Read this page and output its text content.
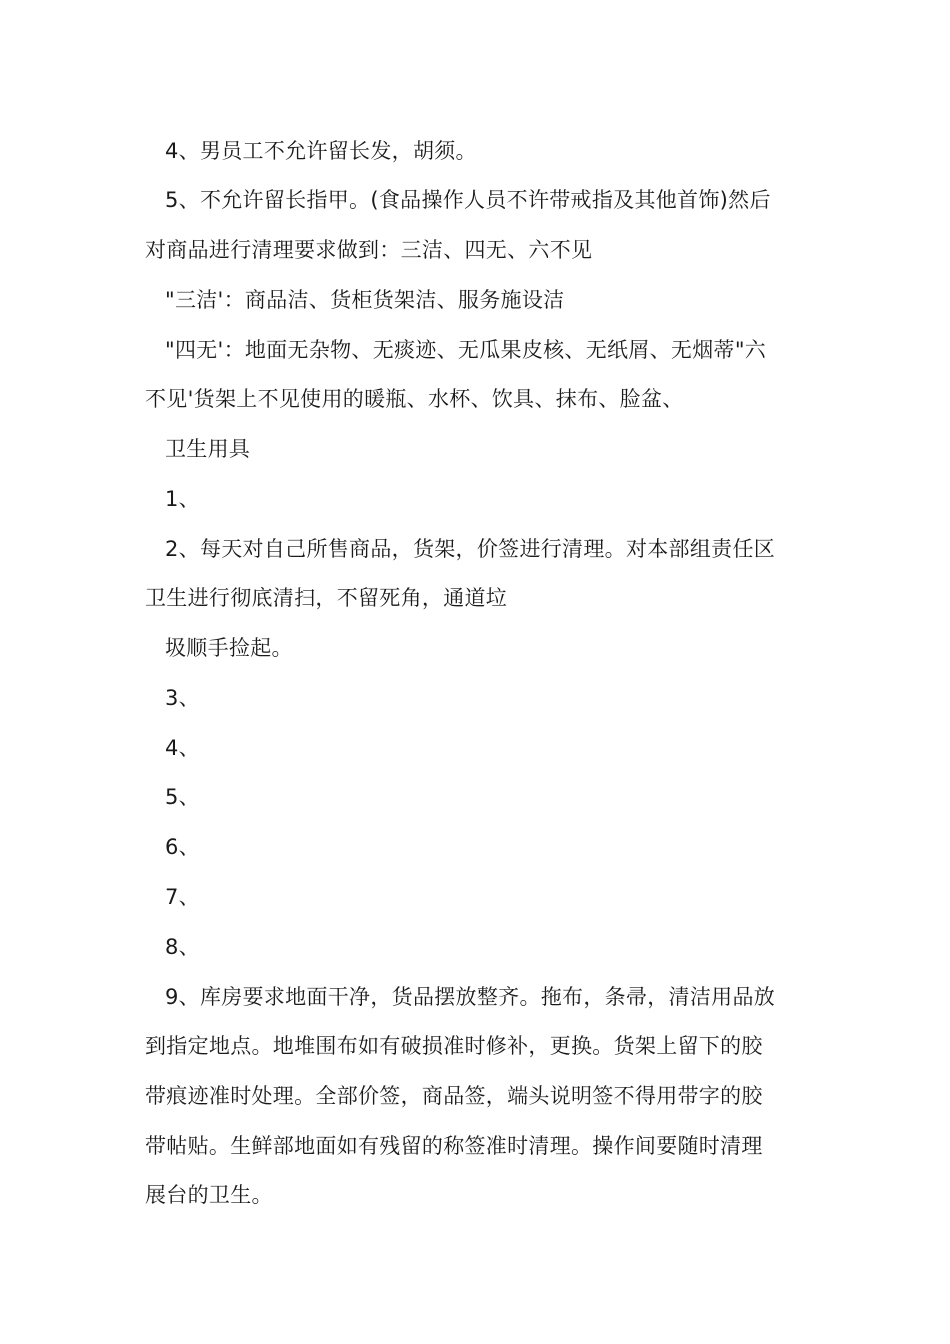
4、男员工不允许留长发，胡须。
5、不允许留长指甲。(食品操作人员不许带戒指及其他首饰)然后
对商品进行清理要求做到：三洁、四无、六不见
"三洁'：商品洁、货柜货架洁、服务施设洁
"四无'：地面无杂物、无痰迹、无瓜果皮核、无纸屑、无烟蒂"六
不见'货架上不见使用的暖瓶、水杯、饮具、抹布、脸盆、
卫生用具
1、
2、每天对自己所售商品，货架，价签进行清理。对本部组责任区
卫生进行彻底清扫，不留死角，通道垃
圾顺手捡起。
3、
4、
5、
6、
7、
8、
9、库房要求地面干净，货品摆放整齐。拖布，条帚，清洁用品放
到指定地点。地堆围布如有破损准时修补，更换。货架上留下的胶
带痕迹准时处理。全部价签，商品签，端头说明签不得用带字的胶
带帖贴。生鲜部地面如有残留的称签准时清理。操作间要随时清理
展台的卫生。
